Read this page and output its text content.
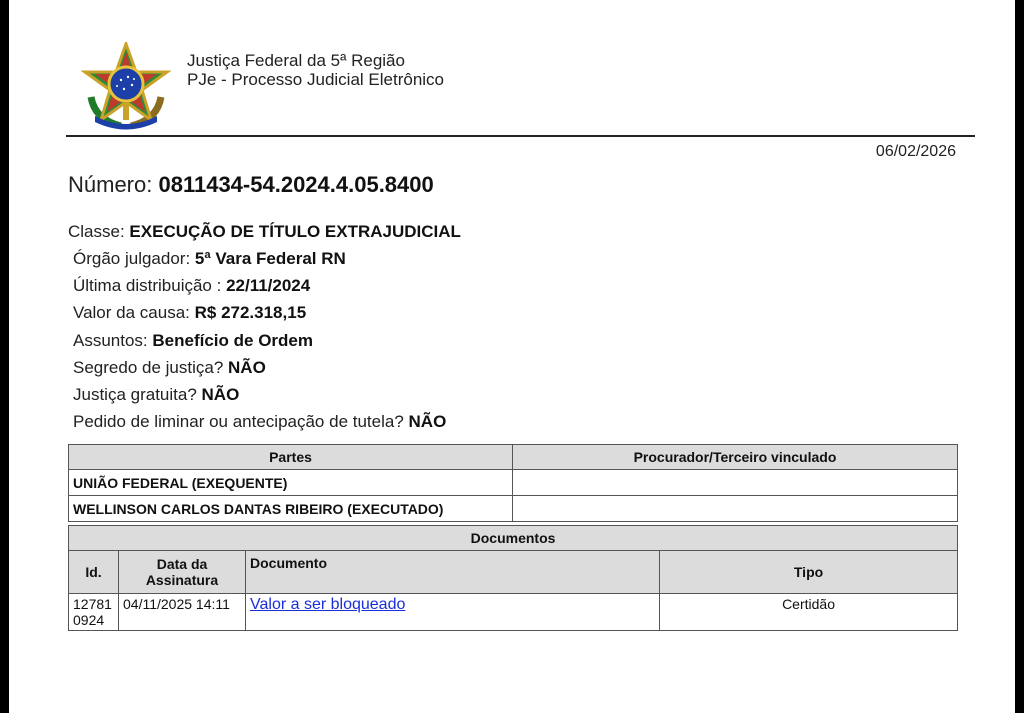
Justiça Federal da 5ª Região
PJe - Processo Judicial Eletrônico
06/02/2026
Número: 0811434-54.2024.4.05.8400
Classe: EXECUÇÃO DE TÍTULO EXTRAJUDICIAL
Órgão julgador: 5ª Vara Federal RN
Última distribuição : 22/11/2024
Valor da causa: R$ 272.318,15
Assuntos: Benefício de Ordem
Segredo de justiça? NÃO
Justiça gratuita? NÃO
Pedido de liminar ou antecipação de tutela? NÃO
Partes	Procurador/Terceiro vinculado
UNIÃO FEDERAL (EXEQUENTE)	
WELLINSON CARLOS DANTAS RIBEIRO (EXECUTADO)	
Documentos			
Id.	Data da Assinatura	Documento	Tipo
12781 0924	04/11/2025 14:11	Valor a ser bloqueado	Certidão
